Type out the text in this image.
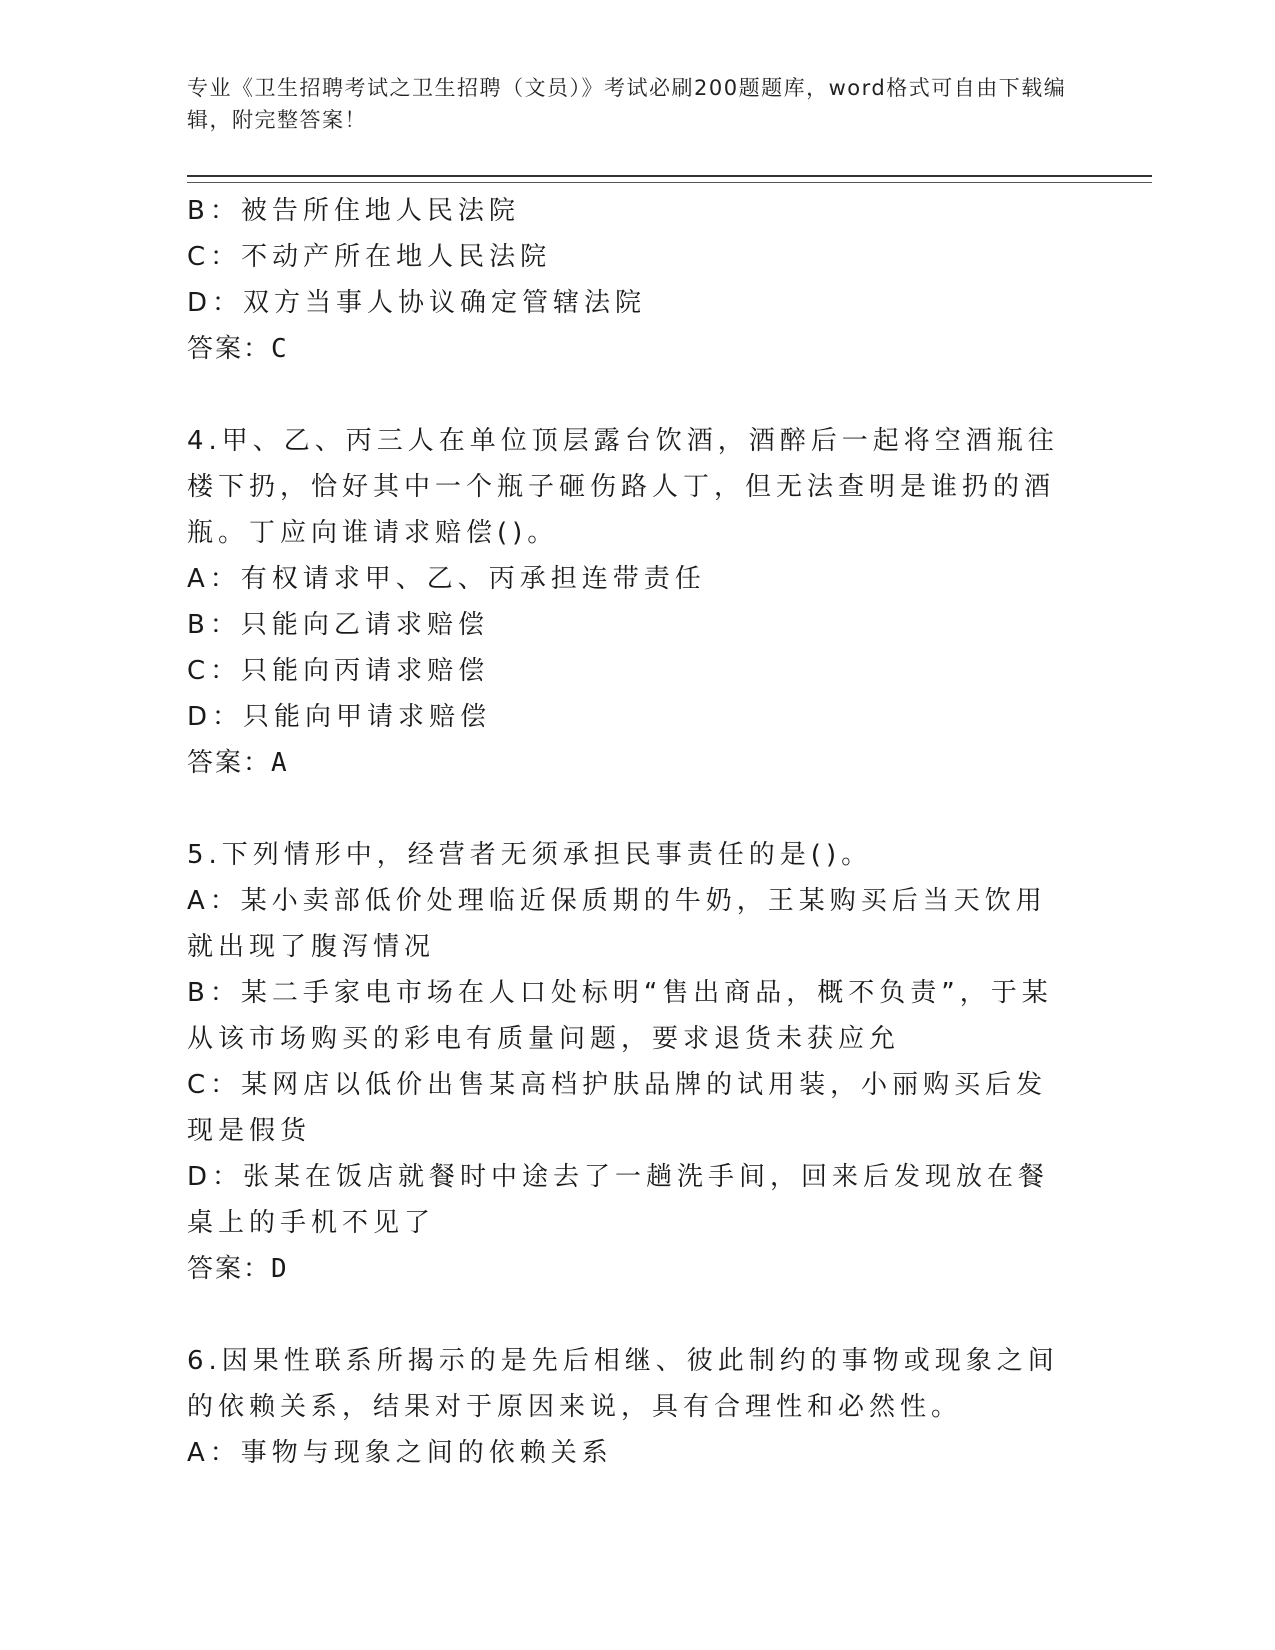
专业《卫生招聘考试之卫生招聘（文员）》考试必刷200题题库，word格式可自由下载编辑，附完整答案！
B：被告所住地人民法院
C：不动产所在地人民法院
D：双方当事人协议确定管辖法院
答案：C
4.甲、乙、丙三人在单位顶层露台饮酒，酒醉后一起将空酒瓶往楼下扔，恰好其中一个瓶子砸伤路人丁，但无法查明是谁扔的酒瓶。丁应向谁请求赔偿()。
A：有权请求甲、乙、丙承担连带责任
B：只能向乙请求赔偿
C：只能向丙请求赔偿
D：只能向甲请求赔偿
答案：A
5.下列情形中，经营者无须承担民事责任的是()。
A：某小卖部低价处理临近保质期的牛奶，王某购买后当天饮用就出现了腹泻情况
B：某二手家电市场在人口处标明“售出商品，概不负责”，于某从该市场购买的彩电有质量问题，要求退货未获应允
C：某网店以低价出售某高档护肤品牌的试用装，小丽购买后发现是假货
D：张某在饭店就餐时中途去了一趟洗手间，回来后发现放在餐桌上的手机不见了
答案：D
6.因果性联系所揭示的是先后相继、彼此制约的事物或现象之间的依赖关系，结果对于原因来说，具有合理性和必然性。
A：事物与现象之间的依赖关系
